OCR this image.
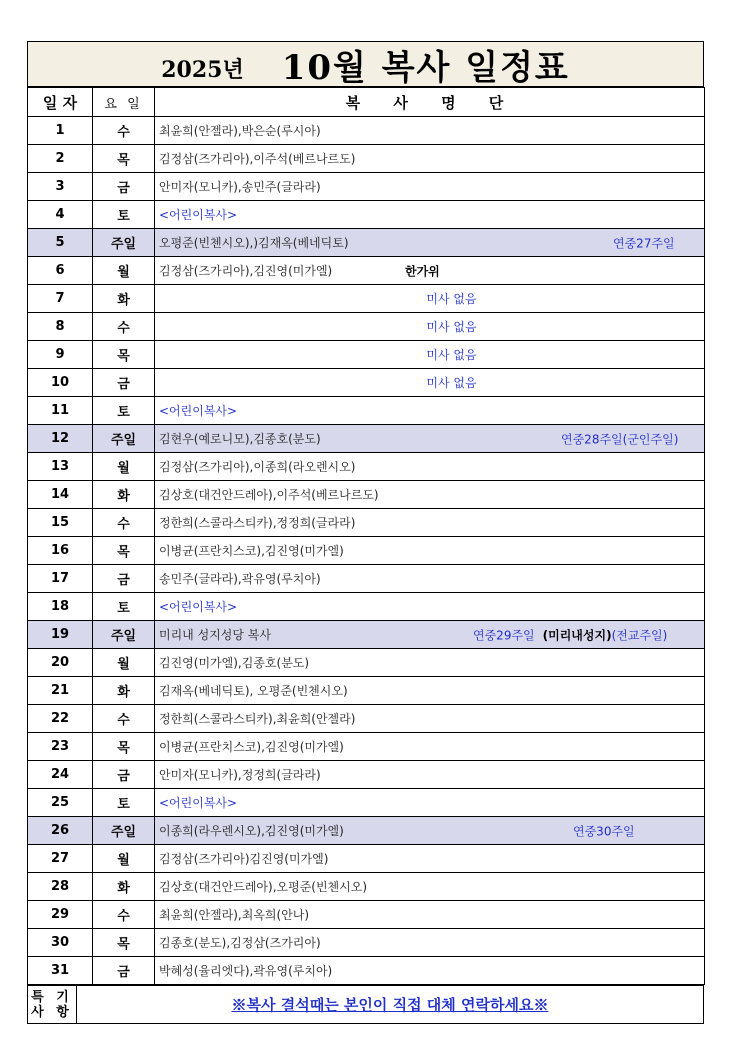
2025년 10월 복사 일정표
일 자	요 일	복 사 명 단
1	수	최윤희(안젤라),박은순(루시아)
2	목	김정삼(즈가리아),이주석(베르나르도)
3	금	안미자(모니카),송민주(글라라)
4	토	<어린이복사>
5	주일	오평준(빈첸시오),)김재옥(베네딕토) 연중27주일

6	월	김정삼(즈가리아),김진영(미가엘) 한가위

7	화	미사 없음

8	수	미사 없음

9	목	미사 없음

10	금	미사 없음

11	토	<어린이복사>
12	주일	김현우(예로니모),김종호(분도) 연중28주일(군인주일)

13	월	김정삼(즈가리아),이종희(라오렌시오)
14	화	김상호(대건안드레아),이주석(베르나르도)
15	수	정한희(스콜라스티카),정정희(글라라)
16	목	이병균(프란치스코),김진영(미가엘)
17	금	송민주(글라라),곽유영(루치아)
18	토	<어린이복사>
19	주일	미리내 성지성당 복사 연중29주일 (미리내성지)(전교주일)

20	월	김진영(미가엘),김종호(분도)
21	화	김재옥(베네딕토), 오평준(빈첸시오)
22	수	정한희(스콜라스티카),최윤희(안젤라)
23	목	이병균(프란치스코),김진영(미가엘)
24	금	안미자(모니카),정정희(글라라)
25	토	<어린이복사>
26	주일	이종희(라우렌시오),김진영(미가엘) 연중30주일

27	월	김정삼(즈가리아)김진영(미가엘)
28	화	김상호(대건안드레아),오평준(빈첸시오)
29	수	최윤희(안젤라),최옥희(안나)
30	목	김종호(분도),김정삼(즈가리아)
31	금	박혜성(율리엣다),곽유영(루치아)
특 기
사 항	※복사 결석때는 본인이 직접 대체 연락하세요※
